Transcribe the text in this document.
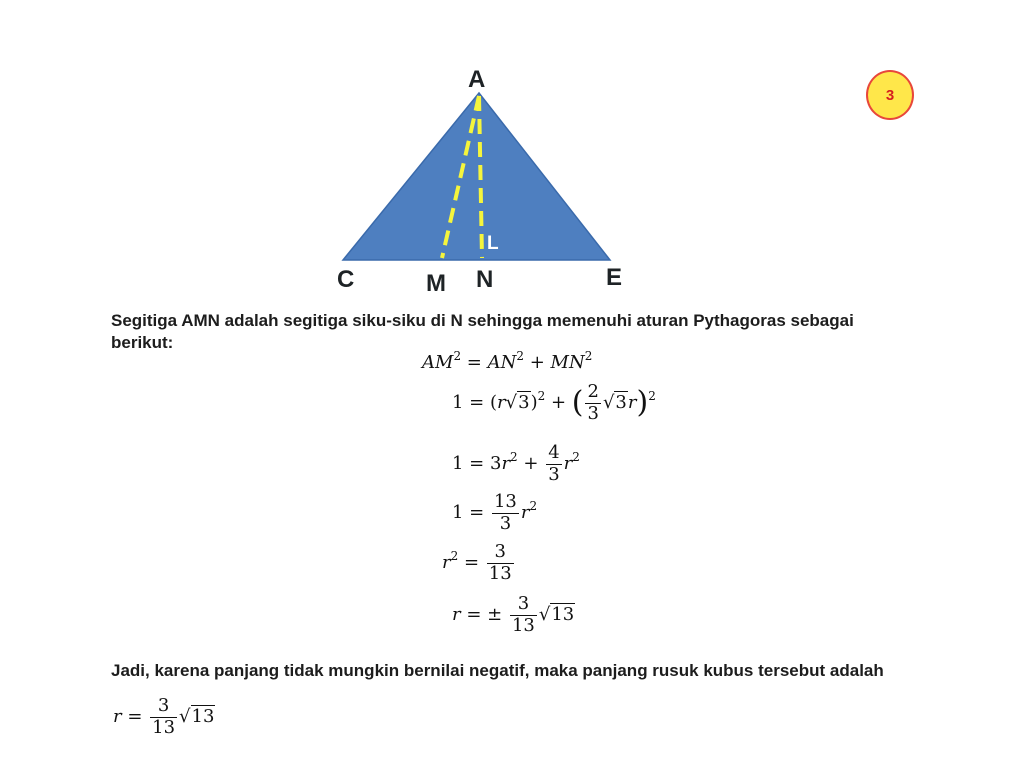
A
C	M N	E
L
3
Segitiga AMN adalah segitiga siku-siku di N sehingga memenuhi aturan Pythagoras sebagai berikut:
$AM^2 = AN^2 + MN^2$
$1 = (r√3)^2$ + ( $\frac{2}{3} √3r)^2$
$1 = 3r^2 + \frac{4}{3} r^2$
$1 = \frac{13}{3} r^2$
$r^2 = \frac{3}{13}$
r = ± $\frac{3}{13} √13$
Jadi, karena panjang tidak mungkin bernilai negatif, maka panjang rusuk kubus tersebut adalah
$r = \frac{3}{13} √13$
